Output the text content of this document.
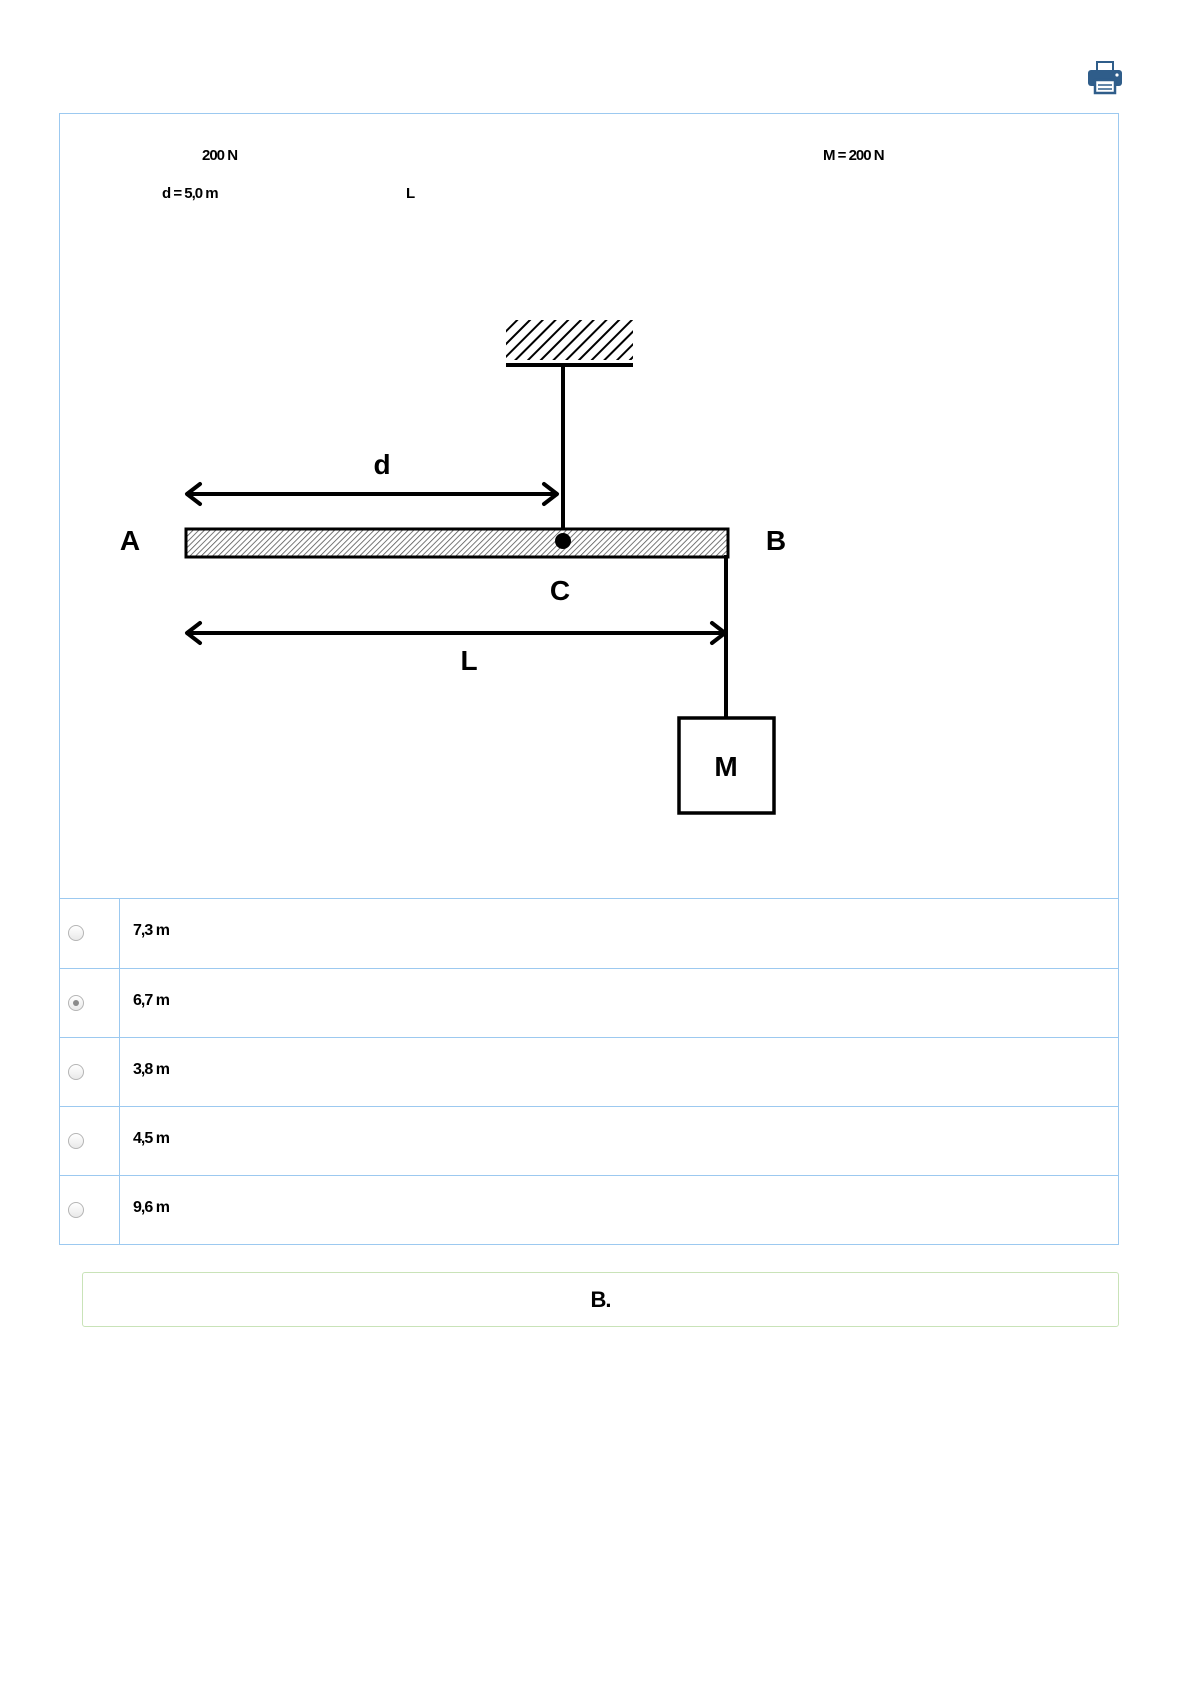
200 N	M = 200 N
d = 5,0 m	L
d
A	B
C
L
M
7,3 m
6,7 m
3,8 m
4,5 m
9,6 m
B.
